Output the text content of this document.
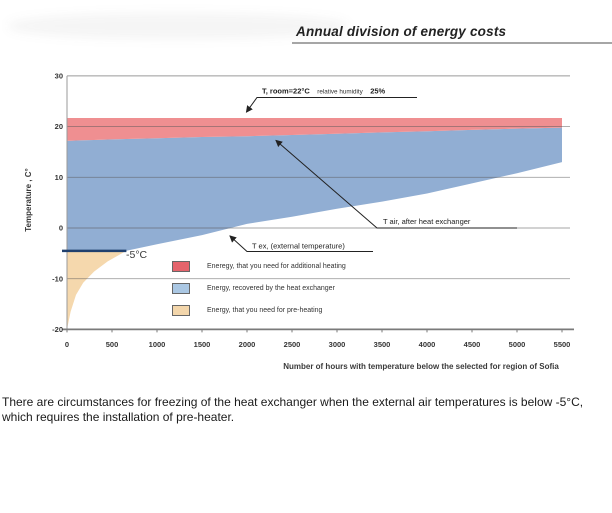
Annual division of energy costs
30
20
10
0
-10
-20
0	500	1000	1500	2000	2500	3000	3500	4000	4500	5000	5500
Number of hours with temperature below the selected for region of Sofia
Temperature , C°
T, room=22°C relative humidity 25%
T air, after heat exchanger
T ex, (external temperature)
-5°C
Eneregy, that you need for additional heating
Energy, recovered by the heat exchanger
Energy, that you need for pre-heating
There are circumstances for freezing of the heat exchanger when the external air temperatures is below -5°C,
which requires the installation of pre-heater.
